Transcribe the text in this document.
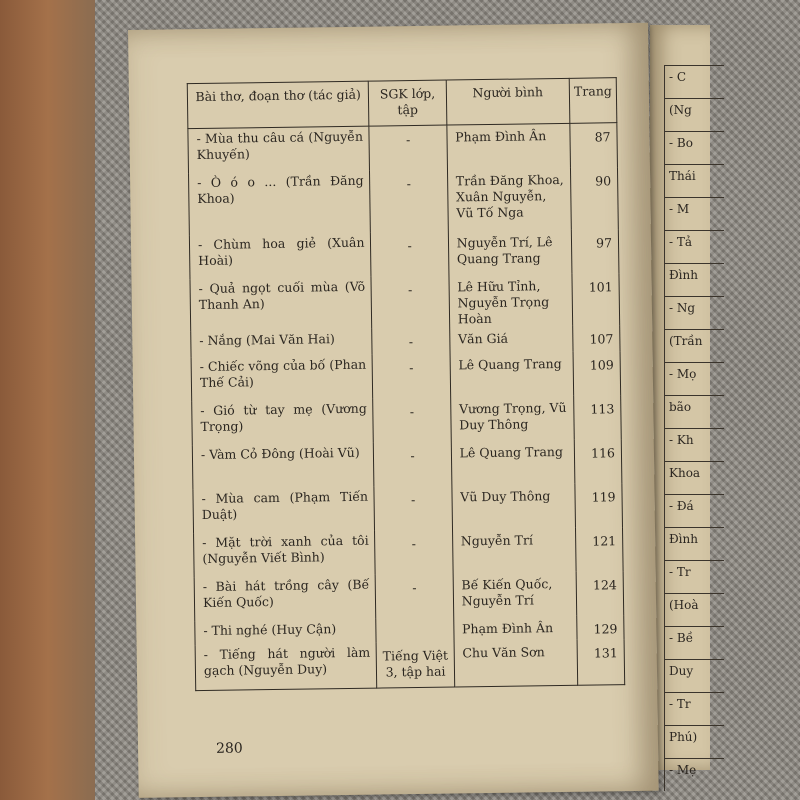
- C
(Ng
- Bo
Thái
- M
- Tả
Đình
- Ng
(Trần
- Mọ
bão
- Kh
Khoa
- Đá
Đình
- Tr
(Hoà
- Bề
Duy
- Tr
Phú)
- Mẹ
Bài thơ, đoạn thơ (tác giả)	SGK lớp, tập	Người bình	Trang
- Mùa thu câu cá (Nguyễn Khuyến)	-	Phạm Đình Ân	87
- Ò ó o ... (Trần Đăng Khoa)	-	Trần Đăng Khoa, Xuân Nguyễn, Vũ Tố Nga	90
- Chùm hoa giẻ (Xuân Hoài)	-	Nguyễn Trí, Lê Quang Trang	97
- Quả ngọt cuối mùa (Võ Thanh An)	-	Lê Hữu Tỉnh, Nguyễn Trọng Hoàn	101
- Nắng (Mai Văn Hai)	-	Văn Giá	107
- Chiếc võng của bố (Phan Thế Cải)	-	Lê Quang Trang	109
- Gió từ tay mẹ (Vương Trọng)	-	Vương Trọng, Vũ Duy Thông	113
- Vàm Cỏ Đông (Hoài Vũ)	-	Lê Quang Trang	116
- Mùa cam (Phạm Tiến Duật)	-	Vũ Duy Thông	119
- Mặt trời xanh của tôi (Nguyễn Viết Bình)	-	Nguyễn Trí	121
- Bài hát trồng cây (Bế Kiến Quốc)	-	Bế Kiến Quốc, Nguyễn Trí	124
- Thi nghé (Huy Cận)		Phạm Đình Ân	129
- Tiếng hát người làm gạch (Nguyễn Duy)	Tiếng Việt 3, tập hai	Chu Văn Sơn	131
280
